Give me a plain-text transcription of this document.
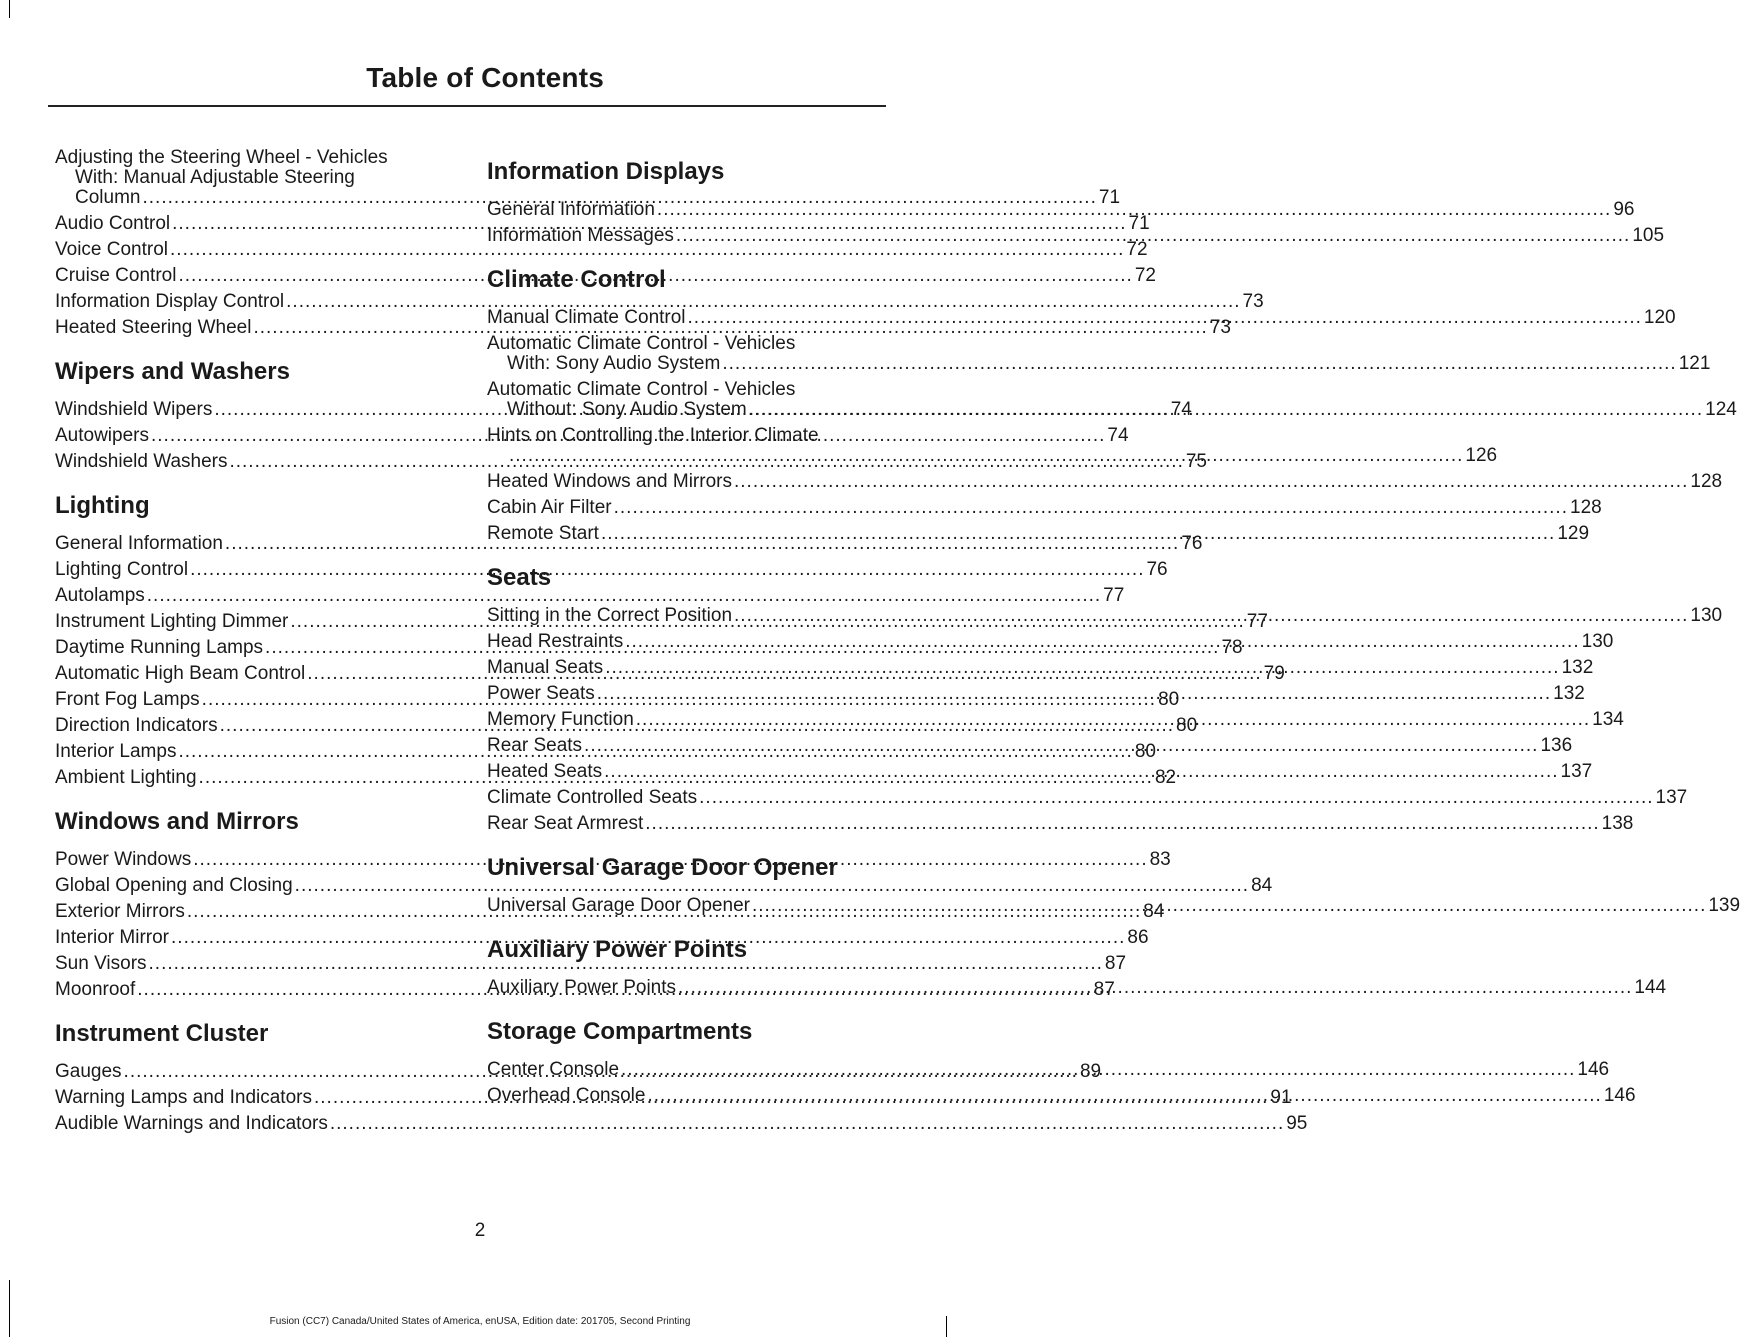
Table of Contents
Adjusting the Steering Wheel - Vehicles
With: Manual Adjustable Steering
Column .....	71
Audio Control .....	71
Voice Control .....	72
Cruise Control .....	72
Information Display Control .....	73
Heated Steering Wheel .....	73
Wipers and Washers
Windshield Wipers .....	74
Autowipers .....	74
Windshield Washers .....	75
Lighting
General Information .....	76
Lighting Control .....	76
Autolamps .....	77
Instrument Lighting Dimmer .....	77
Daytime Running Lamps .....	78
Automatic High Beam Control .....	79
Front Fog Lamps .....	80
Direction Indicators .....	80
Interior Lamps .....	80
Ambient Lighting .....	82
Windows and Mirrors
Power Windows .....	83
Global Opening and Closing .....	84
Exterior Mirrors .....	84
Interior Mirror .....	86
Sun Visors .....	87
Moonroof .....	87
Instrument Cluster
Gauges .....	89
Warning Lamps and Indicators .....	91
Audible Warnings and Indicators .....	95
Information Displays
General Information .....	96
Information Messages .....	105
Climate Control
Manual Climate Control .....	120
Automatic Climate Control - Vehicles
With: Sony Audio System .....	121
Automatic Climate Control - Vehicles
Without: Sony Audio System .....	124
Hints on Controlling the Interior Climate
.....126
Heated Windows and Mirrors .....	128
Cabin Air Filter .....	128
Remote Start .....	129
Seats
Sitting in the Correct Position .....	130
Head Restraints .....	130
Manual Seats .....	132
Power Seats .....	132
Memory Function .....	134
Rear Seats .....	136
Heated Seats .....	137
Climate Controlled Seats .....	137
Rear Seat Armrest .....	138
Universal Garage Door Opener
Universal Garage Door Opener .....	139
Auxiliary Power Points
Auxiliary Power Points .....	144
Storage Compartments
Center Console .....	146
Overhead Console .....	146
2
Fusion (CC7) Canada/United States of America, enUSA, Edition date: 201705, Second Printing
